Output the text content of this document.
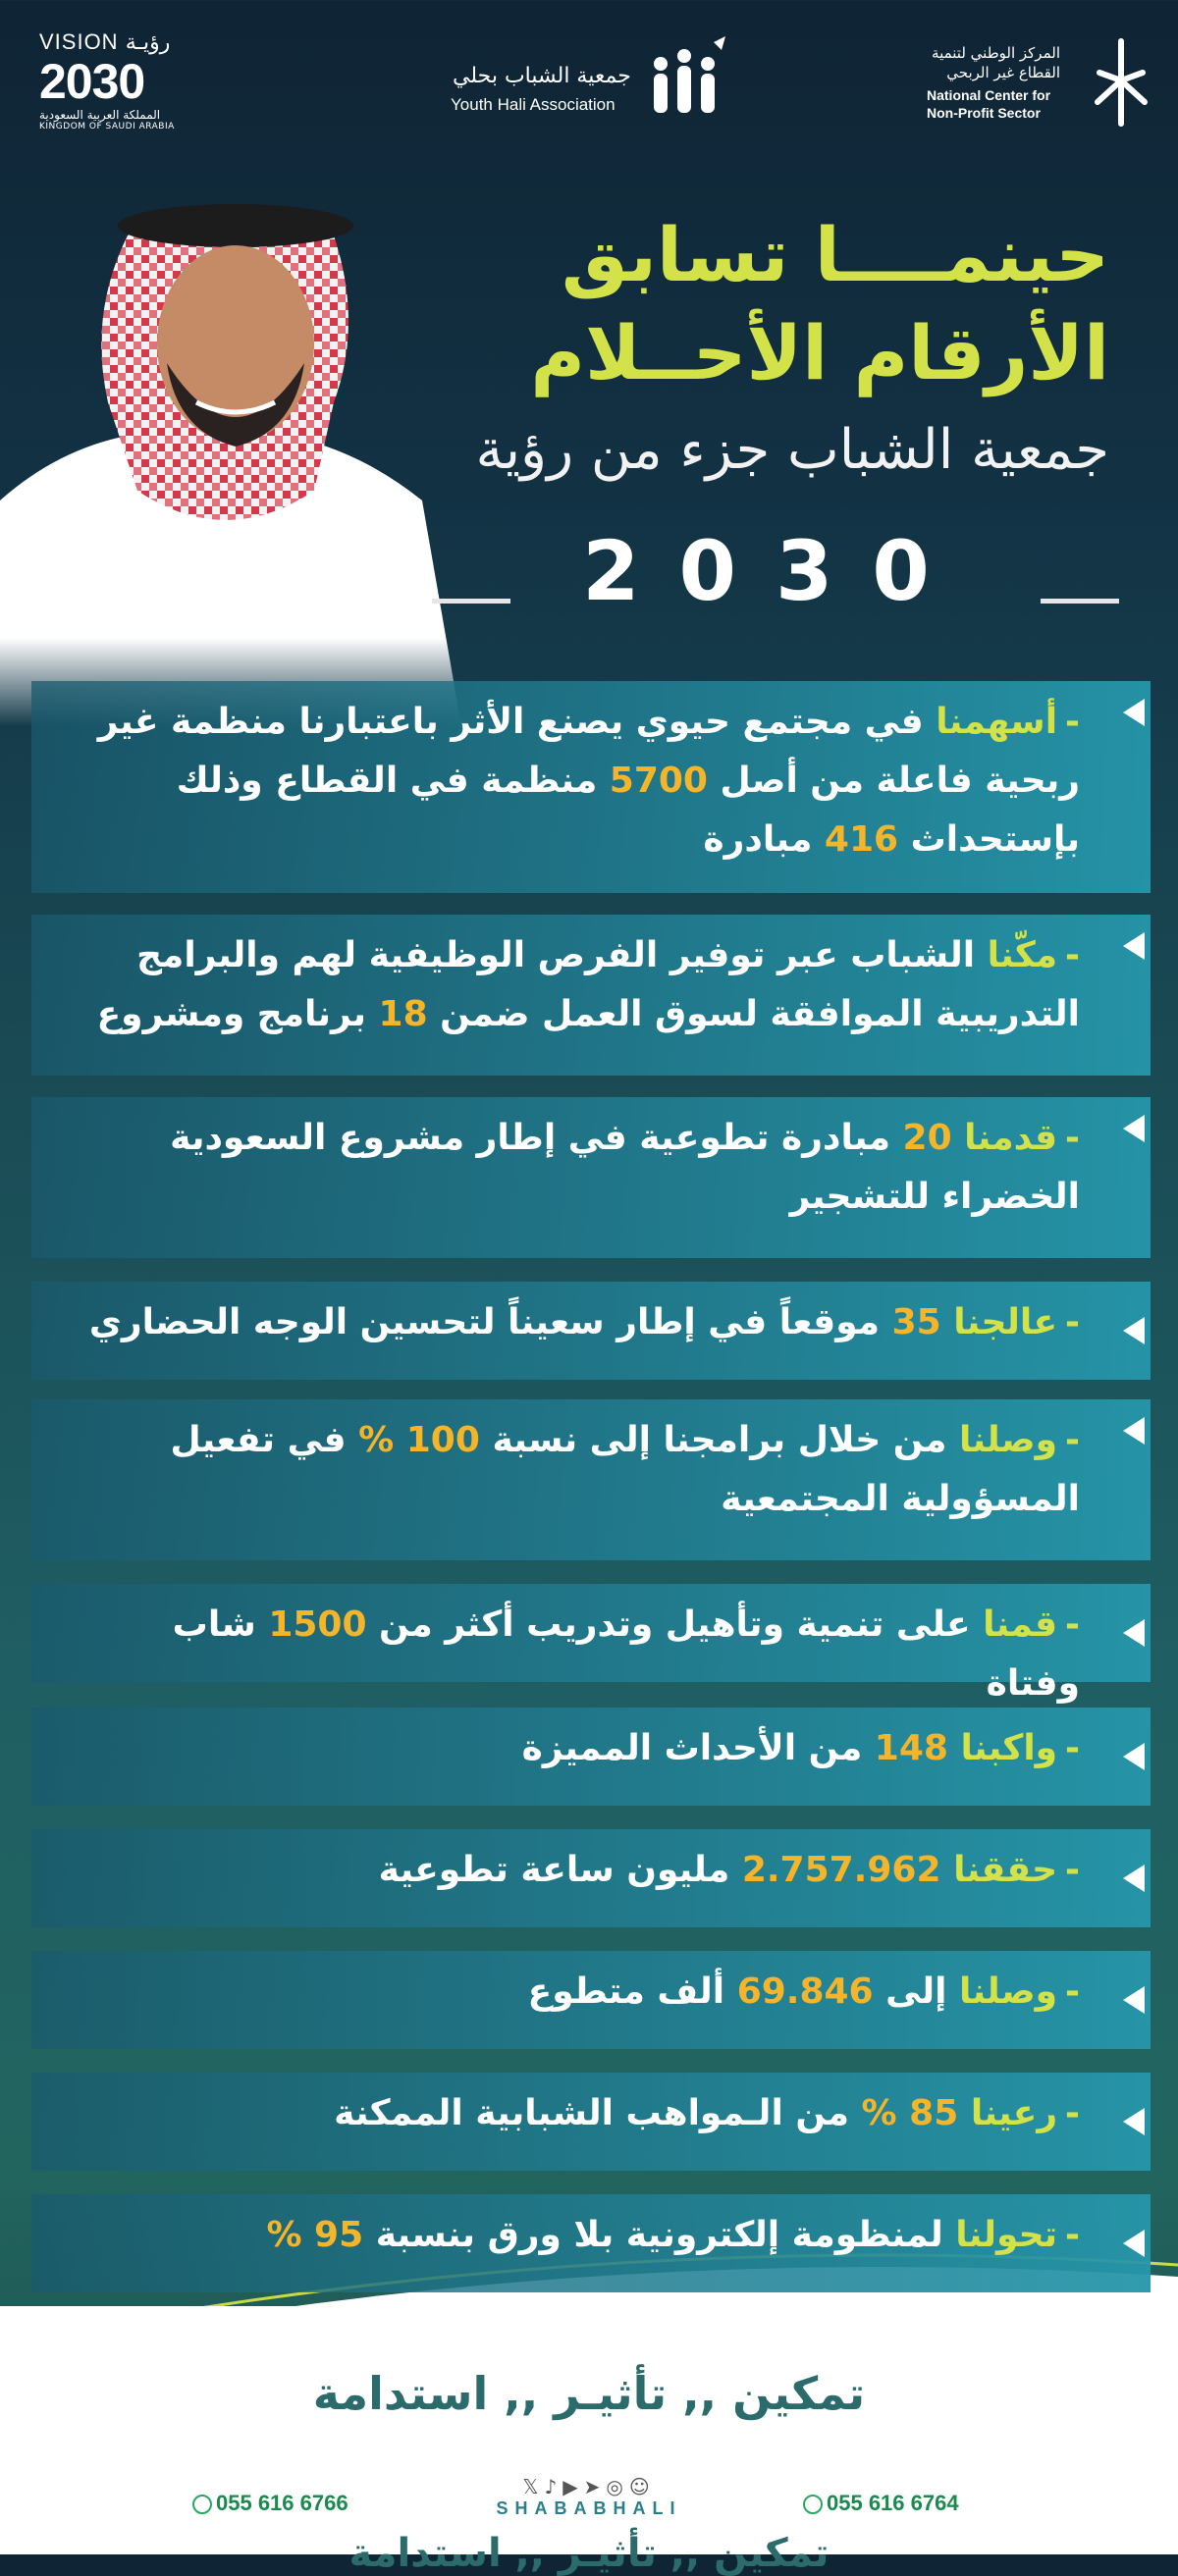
VISION رؤيـة
2030
المملكة العربية السعودية
KINGDOM OF SAUDI ARABIA
جمعية الشباب بحلي
Youth Hali Association
المركز الوطني لتنمية
القطاع غير الربحي
National Center for
Non-Profit Sector
حينمــــا تسابق
الأرقام الأحــلام
جمعية الشباب جزء من رؤية
2030
-أسهمنا في مجتمع حيوي يصنع الأثر باعتبارنا منظمة غير ربحية فاعلة من أصل 5700 منظمة في القطاع وذلك بإستحداث 416 مبادرة
-مكّنا الشباب عبر توفير الفرص الوظيفية لهم والبرامج التدريبية الموافقة لسوق العمل ضمن 18 برنامج ومشروع
-قدمنا 20 مبادرة تطوعية في إطار مشروع السعودية الخضراء للتشجير
-عالجنا 35 موقعاً في إطار سعيناً لتحسين الوجه الحضاري
-وصلنا من خلال برامجنا إلى نسبة 100 % في تفعيل المسؤولية المجتمعية
-قمنا على تنمية وتأهيل وتدريب أكثر من 1500 شاب وفتاة
-واكبنا 148 من الأحداث المميزة
-حققنا 2.757.962 مليون ساعة تطوعية
-وصلنا إلى 69.846 ألف متطوع
-رعينا 85 % من الـمواهب الشبابية الممكنة
-تحولنا لمنظومة إلكترونية بلا ورق بنسبة 95 %
تمكين ,, تأثيـر ,, استدامة
055 616 6766	055 616 6764
𝕏♪▶➤◎☺
SHABABHALI
تمكين ,, تأثيـر ,, استدامة
